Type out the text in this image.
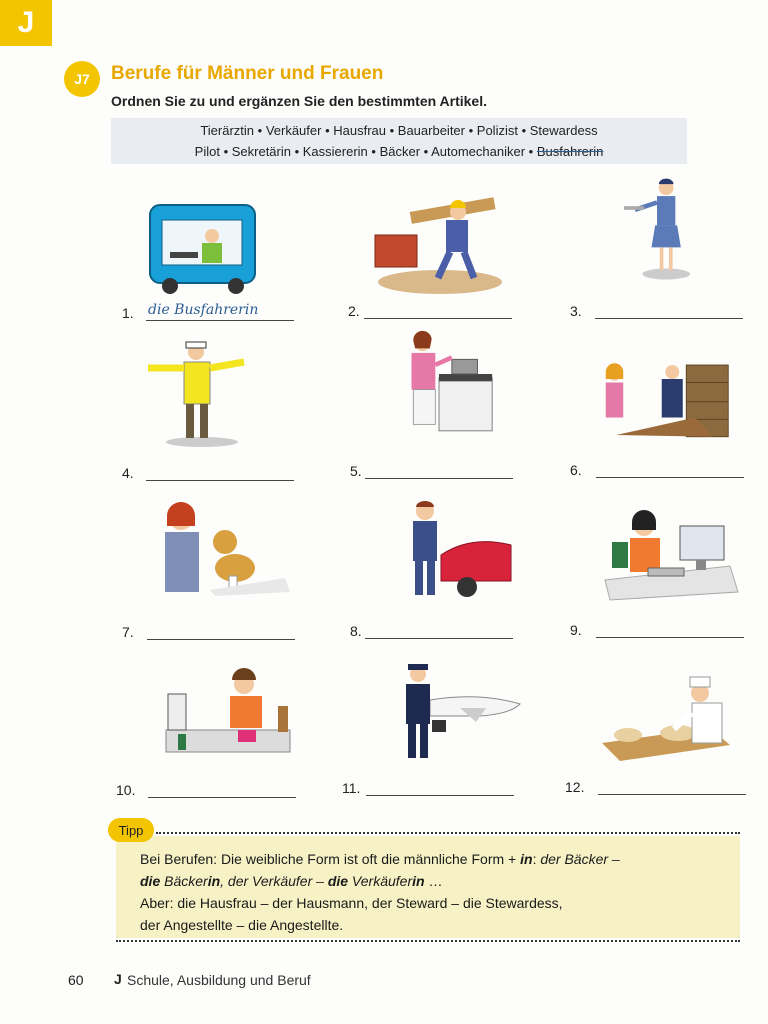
J
J7	Berufe für Männer und Frauen

Ordnen Sie zu und ergänzen Sie den bestimmten Artikel.

Tierärztin • Verkäufer • Hausfrau • Bauarbeiter • Polizist • Stewardess
Pilot • Sekretärin • Kassiererin • Bäcker • Automechaniker • Busfahrerin
1. die Busfahrerin	2.	3.
4.	5.	6.
7.	8.	9.
10.	11.	12.
Tipp

Bei Berufen: Die weibliche Form ist oft die männliche Form + in: der Bäcker –

die Bäckerin, der Verkäufer – die Verkäuferin …

Aber: die Hausfrau – der Hausmann, der Steward – die Stewardess,

der Angestellte – die Angestellte.

60 J Schule, Ausbildung und Beruf
